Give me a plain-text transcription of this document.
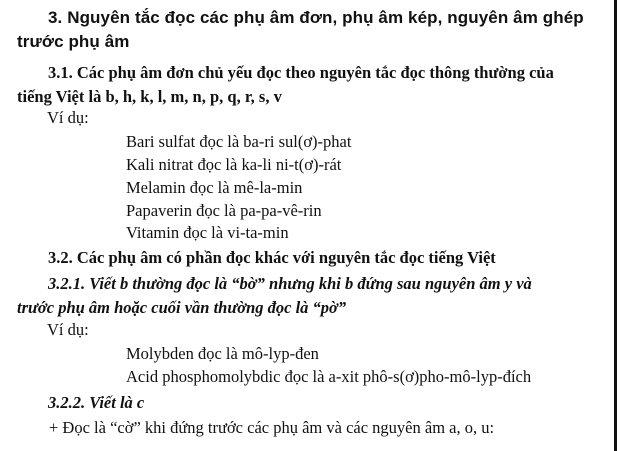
3. Nguyên tắc đọc các phụ âm đơn, phụ âm kép, nguyên âm ghép
trước phụ âm
3.1. Các phụ âm đơn chủ yếu đọc theo nguyên tắc đọc thông thường của
tiếng Việt là b, h, k, l, m, n, p, q, r, s, v
Ví dụ:
Bari sulfat đọc là ba-ri sul(ơ)-phat
Kali nitrat đọc là ka-li ni-t(ơ)-rát
Melamin đọc là mê-la-min
Papaverin đọc là pa-pa-vê-rin
Vitamin đọc là vi-ta-min
3.2. Các phụ âm có phần đọc khác với nguyên tắc đọc tiếng Việt
3.2.1. Viết b thường đọc là “bờ” nhưng khi b đứng sau nguyên âm y và
trước phụ âm hoặc cuối vần thường đọc là “pờ”
Ví dụ:
Molybden đọc là mô-lyp-đen
Acid phosphomolybdic đọc là a-xit phô-s(ơ)pho-mô-lyp-đích
3.2.2. Viết là c
+ Đọc là “cờ” khi đứng trước các phụ âm và các nguyên âm a, o, u:
